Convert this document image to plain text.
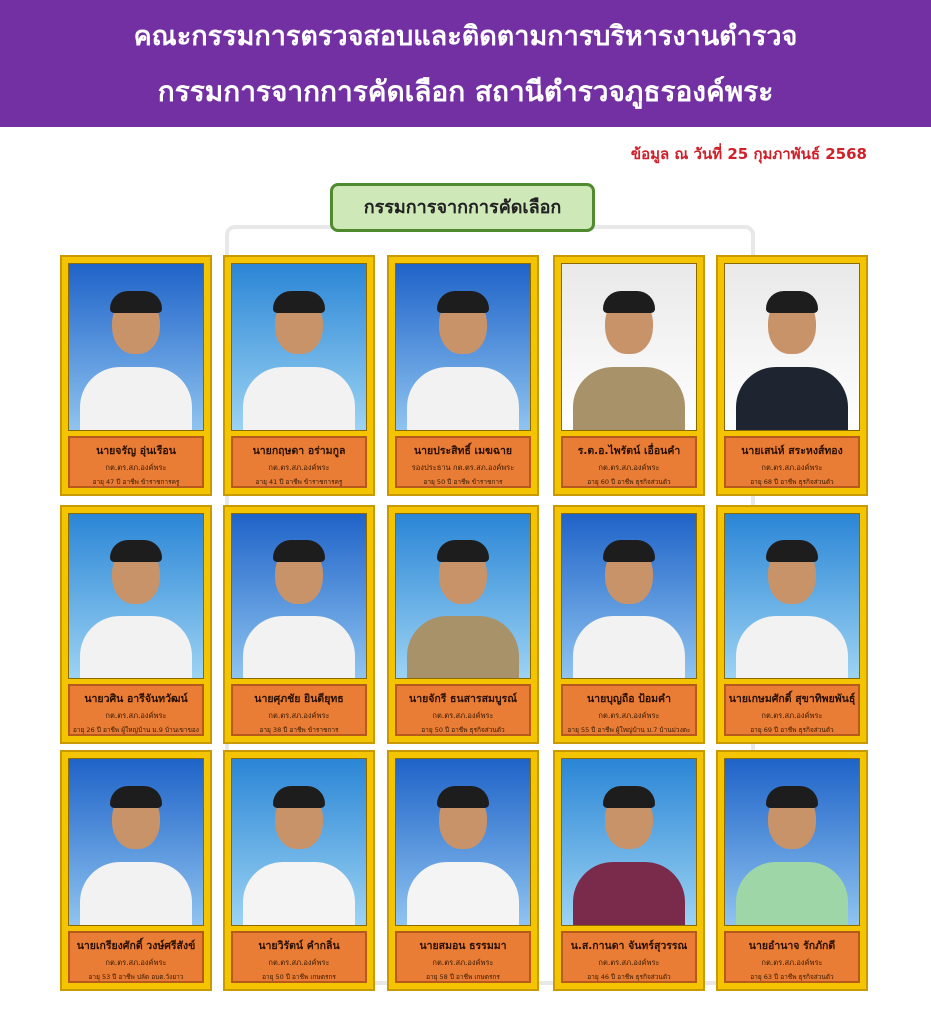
คณะกรรมการตรวจสอบและติดตามการบริหารงานตำรวจ
กรรมการจากการคัดเลือก สถานีตำรวจภูธรองค์พระ
ข้อมูล ณ วันที่ 25 กุมภาพันธ์ 2568
กรรมการจากการคัดเลือก
นายจรัญ อุ่นเรือน
กต.ตร.สภ.องค์พระ
อายุ 47 ปี อาชีพ ข้าราชการครู
นายกฤษดา อร่ามกูล
กต.ตร.สภ.องค์พระ
อายุ 41 ปี อาชีพ ข้าราชการครู
นายประสิทธิ์ เมฆฉาย
รองประธาน กต.ตร.สภ.องค์พระ
อายุ 50 ปี อาชีพ ข้าราชการ
ร.ต.อ.ไพรัตน์ เอื่อนคำ
กต.ตร.สภ.องค์พระ
อายุ 60 ปี อาชีพ ธุรกิจส่วนตัว
นายเสน่ห์ สระหงส์ทอง
กต.ตร.สภ.องค์พระ
อายุ 68 ปี อาชีพ ธุรกิจส่วนตัว
นายวศิน อารีจันทวัฒน์
กต.ตร.สภ.องค์พระ
อายุ 26 ปี อาชีพ ผู้ใหญ่บ้าน ม.9 บ้านเขาของ
นายศุภชัย ยินดียุทธ
กต.ตร.สภ.องค์พระ
อายุ 38 ปี อาชีพ ข้าราชการ
นายจักรี ธนสารสมบูรณ์
กต.ตร.สภ.องค์พระ
อายุ 50 ปี อาชีพ ธุรกิจส่วนตัว
นายบุญถือ ป้อมคำ
กต.ตร.สภ.องค์พระ
อายุ 55 ปี อาชีพ ผู้ใหญ่บ้าน ม.7 บ้านม่วงตะ
นายเกษมศักดิ์ สุขาทิพยพันธุ์
กต.ตร.สภ.องค์พระ
อายุ 69 ปี อาชีพ ธุรกิจส่วนตัว
นายเกรียงศักดิ์ วงษ์ศรีสังข์
กต.ตร.สภ.องค์พระ
อายุ 53 ปี อาชีพ ปลัด อบต.วังยาว
นายวิรัตน์ คำกลิ่น
กต.ตร.สภ.องค์พระ
อายุ 50 ปี อาชีพ เกษตรกร
นายสมอน ธรรมมา
กต.ตร.สภ.องค์พระ
อายุ 58 ปี อาชีพ เกษตรกร
น.ส.กานดา จันทร์สุวรรณ
กต.ตร.สภ.องค์พระ
อายุ 46 ปี อาชีพ ธุรกิจส่วนตัว
นายอำนาจ รักภักดี
กต.ตร.สภ.องค์พระ
อายุ 63 ปี อาชีพ ธุรกิจส่วนตัว
